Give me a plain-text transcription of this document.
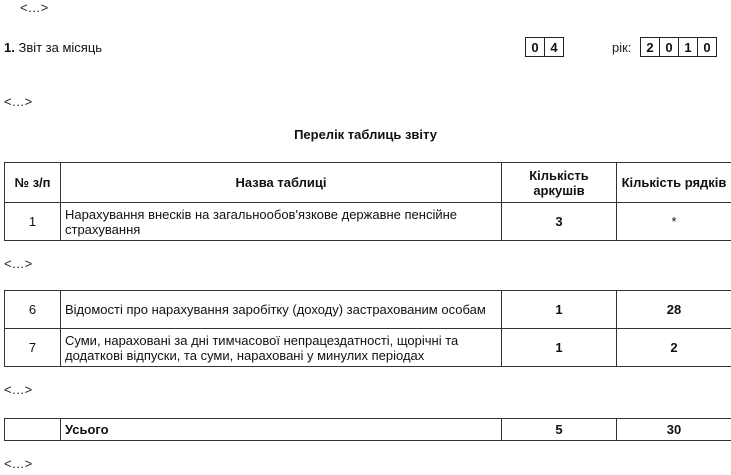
<…>
1. Звіт за місяць	0 4	рік:	2 0 1 0
<…>
Перелік таблиць звіту
№ з/п	Назва таблиці	Кількість аркушів	Кількість рядків
1	Нарахування внесків на загальнообов'язкове державне пенсійне страхування	3	*
<…>
6	Відомості про нарахування заробітку (доходу) застрахованим особам	1	28
7	Суми, нараховані за дні тимчасової непрацездатності, щорічні та додаткові відпуски, та суми, нараховані у минулих періодах	1	2
<…>
	Усього	5	30
<…>
